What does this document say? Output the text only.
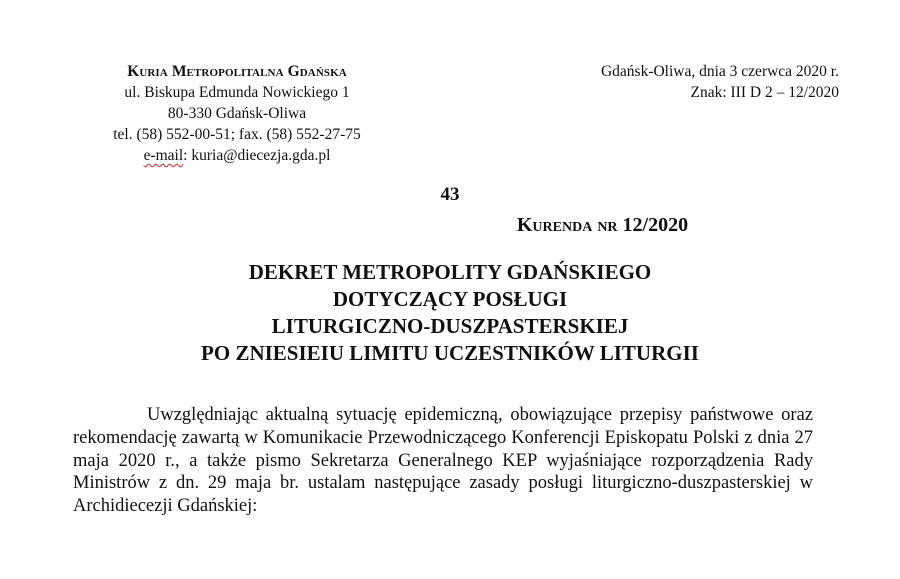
Kuria Metropolitalna Gdańska
ul. Biskupa Edmunda Nowickiego 1
80-330 Gdańsk-Oliwa
tel. (58) 552-00-51; fax. (58) 552-27-75
e-mail: kuria@diecezja.gda.pl
Gdańsk-Oliwa, dnia 3 czerwca 2020 r.
Znak: III D 2 – 12/2020
43
Kurenda nr 12/2020
DEKRET METROPOLITY GDAŃSKIEGO
DOTYCZĄCY POSŁUGI
LITURGICZNO-DUSZPASTERSKIEJ
PO ZNIESIEIU LIMITU UCZESTNIKÓW LITURGII

Uwzględniając aktualną sytuację epidemiczną, obowiązujące przepisy państwowe oraz rekomendację zawartą w Komunikacie Przewodniczącego Konferencji Episkopatu Polski z dnia 27 maja 2020 r., a także pismo Sekretarza Generalnego KEP wyjaśniające rozporządzenia Rady Ministrów z dn. 29 maja br. ustalam następujące zasady posługi liturgiczno-duszpasterskiej w Archidiecezji Gdańskiej:
